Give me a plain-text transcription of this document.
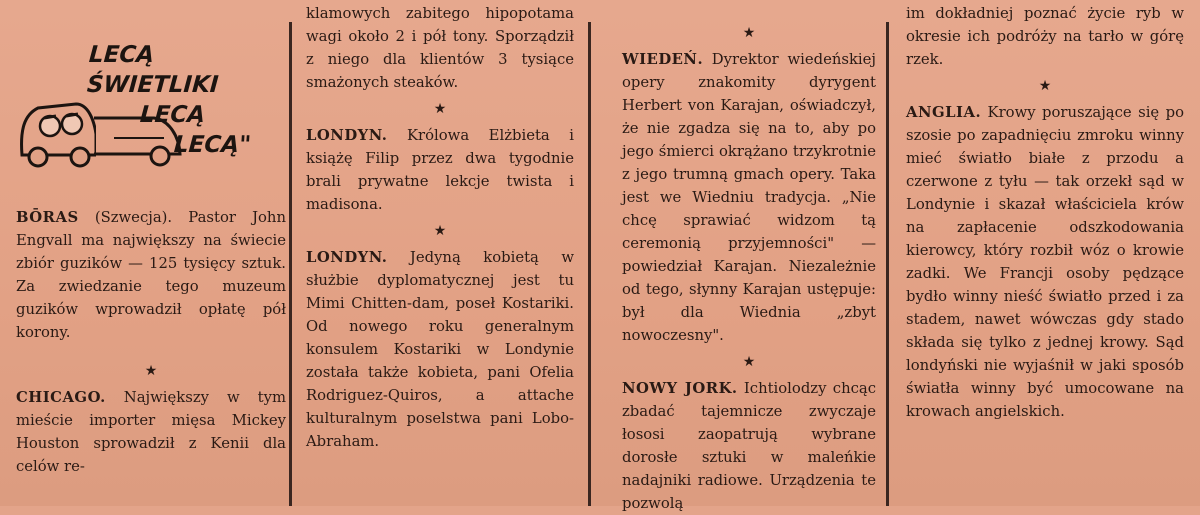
LECĄ ŚWIETLIKI
LECĄ
LECĄ"

BŌRAS (Szwecja). Pastor John Engvall ma największy na świecie zbiór guzików — 125 tysięcy sztuk. Za zwiedzanie tego muzeum guzików wprowadził opłatę pół korony.

★

CHICAGO. Największy w tym mieście importer mięsa Mickey Houston sprowadził z Kenii dla celów re-

klamowych zabitego hipopotama wagi około 2 i pół tony. Sporządził z niego dla klientów 3 tysiące smażonych steaków.

★

LONDYN. Królowa Elżbieta i książę Filip przez dwa tygodnie brali prywatne lekcje twista i madisona.

★

LONDYN. Jedyną kobietą w służbie dyplomatycznej jest tu Mimi Chitten-dam, poseł Kostariki. Od nowego roku generalnym konsulem Kostariki w Londynie została także kobieta, pani Ofelia Rodriguez-Quiros, a attache kulturalnym poselstwa pani Lobo-Abraham.

★

WIEDEŃ. Dyrektor wiedeńskiej opery znakomity dyrygent Herbert von Karajan, oświadczył, że nie zgadza się na to, aby po jego śmierci okrążano trzykrotnie z jego trumną gmach opery. Taka jest we Wiedniu tradycja. „Nie chcę sprawiać widzom tą ceremonią przyjemności" — powiedział Karajan. Niezależnie od tego, słynny Karajan ustępuje: był dla Wiednia „zbyt nowoczesny".

★

NOWY JORK. Ichtiolodzy chcąc zbadać tajemnicze zwyczaje łososi zaopatrują wybrane dorosłe sztuki w maleńkie nadajniki radiowe. Urządzenia te pozwolą

im dokładniej poznać życie ryb w okresie ich podróży na tarło w górę rzek.

★

ANGLIA. Krowy poruszające się po szosie po zapadnięciu zmroku winny mieć światło białe z przodu a czerwone z tyłu — tak orzekł sąd w Londynie i skazał właściciela krów na zapłacenie odszkodowania kierowcy, który rozbił wóz o krowie zadki. We Francji osoby pędzące bydło winny nieść światło przed i za stadem, nawet wówczas gdy stado składa się tylko z jednej krowy. Sąd londyński nie wyjaśnił w jaki sposób światła winny być umocowane na krowach angielskich.
